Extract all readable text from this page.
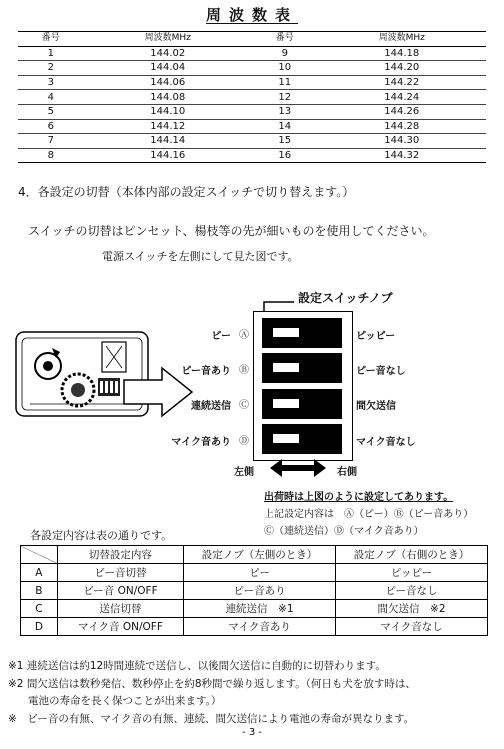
周波数表
番号	周波数MHz	番号	周波数MHz
1	144.02	9	144.18
2	144.04	10	144.20
3	144.06	11	144.22
4	144.08	12	144.24
5	144.10	13	144.26
6	144.12	14	144.28
7	144.14	15	144.30
8	144.16	16	144.32
4．各設定の切替（本体内部の設定スイッチで切り替えます。）
スイッチの切替はピンセット、楊枝等の先が細いものを使用してください。
電源スイッチを左側にして見た図です。
設定スイッチノブ
ピー
ピー音あり
連続送信
マイク音あり
Ⓐ
Ⓑ
Ⓒ
Ⓓ
ピッピー
ピー音なし
間欠送信
マイク音なし
左側	右側
出荷時は上図のように設定してあります。
上記設定内容は　Ⓐ（ピー）Ⓑ（ピー音あり）
Ⓒ（連続送信）Ⓓ（マイク音あり）
各設定内容は表の通りです。
	切替設定内容	設定ノブ（左側のとき）	設定ノブ（右側のとき）
A	ピー音切替	ピー	ピッピー
B	ピー音 ON/OFF	ピー音あり	ピー音なし
C	送信切替	連続送信　※1	間欠送信　※2
D	マイク音 ON/OFF	マイク音あり	マイク音なし
※1 連続送信は約12時間連続で送信し、以後間欠送信に自動的に切替わります。
※2 間欠送信は数秒発信、数秒停止を約8秒間で繰り返します。（何日も犬を放す時は、
電池の寿命を長く保つことが出来ます。）
※　ピー音の有無、マイク音の有無、連続、間欠送信により電池の寿命が異なります。
- 3 -
